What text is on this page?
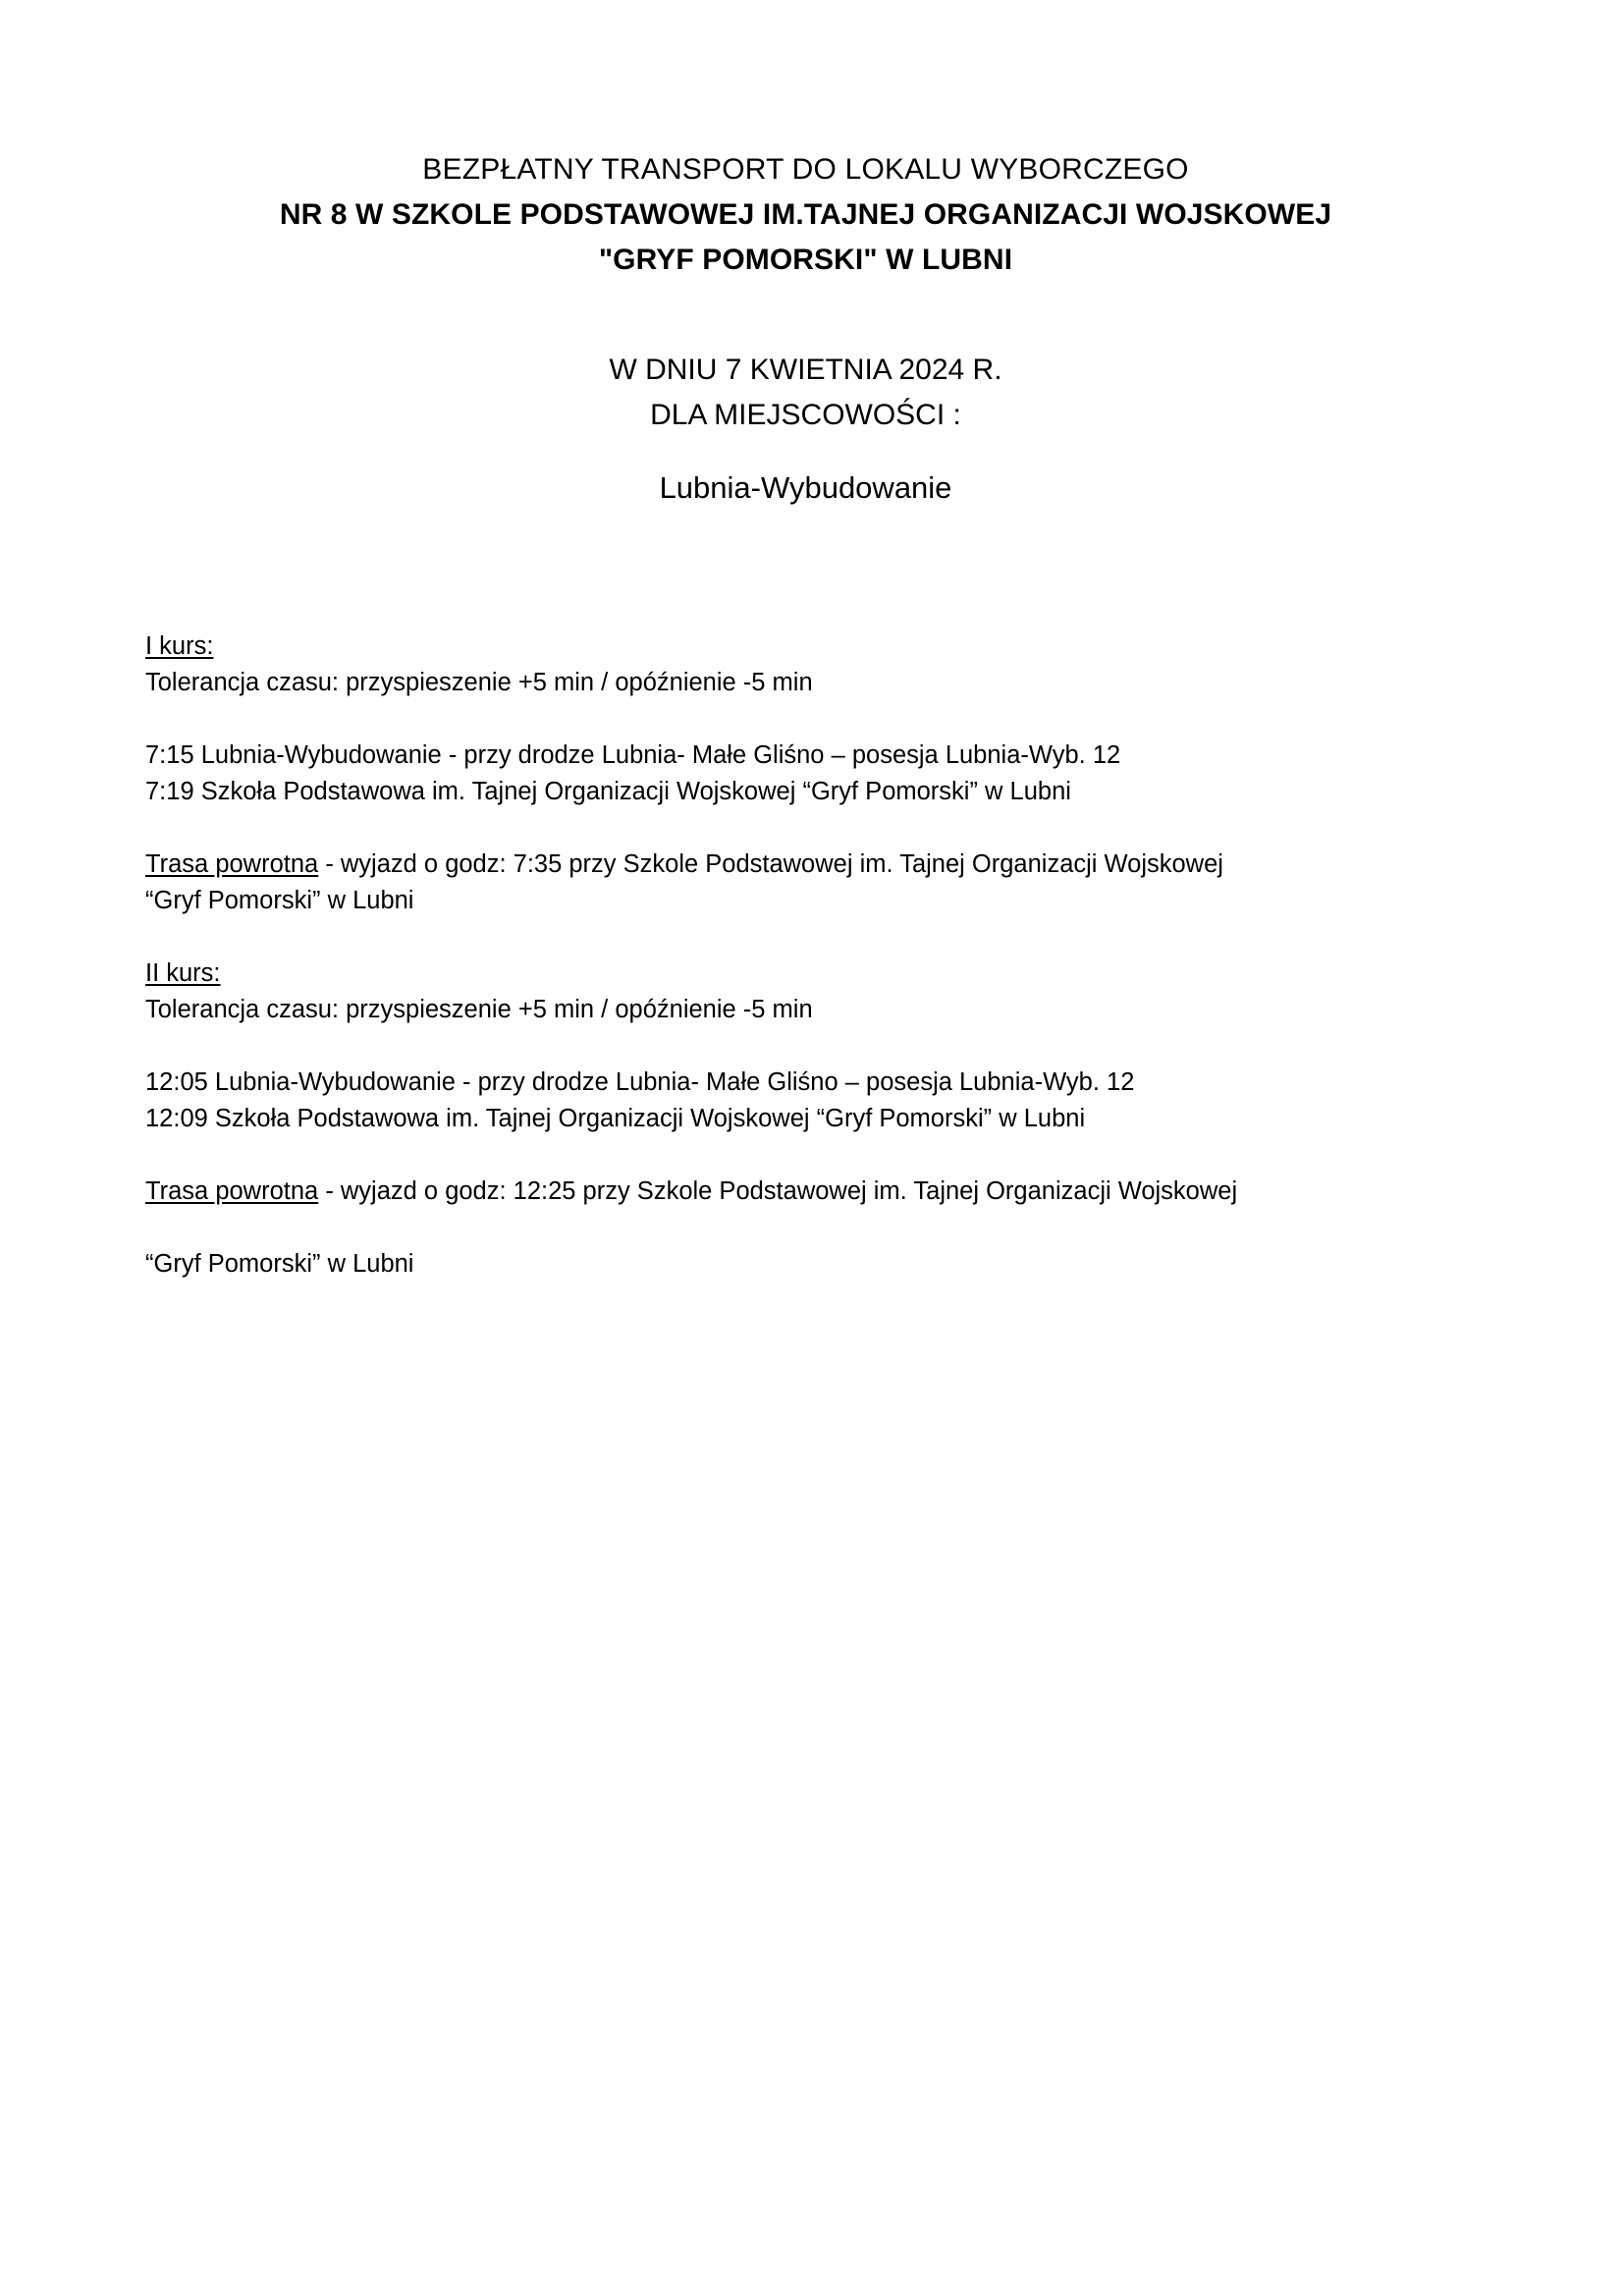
BEZPŁATNY TRANSPORT DO LOKALU WYBORCZEGO
NR 8 W SZKOLE PODSTAWOWEJ IM.TAJNEJ ORGANIZACJI WOJSKOWEJ
"GRYF POMORSKI" W LUBNI
W DNIU 7 KWIETNIA 2024 R.
DLA MIEJSCOWOŚCI :
Lubnia-Wybudowanie
I kurs:
Tolerancja czasu: przyspieszenie +5 min / opóźnienie -5 min
7:15 Lubnia-Wybudowanie - przy drodze Lubnia- Małe Gliśno – posesja Lubnia-Wyb. 12
7:19 Szkoła Podstawowa im. Tajnej Organizacji Wojskowej “Gryf Pomorski” w Lubni
Trasa powrotna - wyjazd o godz: 7:35 przy Szkole Podstawowej im. Tajnej Organizacji Wojskowej
“Gryf Pomorski” w Lubni
II kurs:
Tolerancja czasu: przyspieszenie +5 min / opóźnienie -5 min
12:05 Lubnia-Wybudowanie - przy drodze Lubnia- Małe Gliśno – posesja Lubnia-Wyb. 12
12:09 Szkoła Podstawowa im. Tajnej Organizacji Wojskowej “Gryf Pomorski” w Lubni
Trasa powrotna - wyjazd o godz: 12:25 przy Szkole Podstawowej im. Tajnej Organizacji Wojskowej
“Gryf Pomorski” w Lubni
